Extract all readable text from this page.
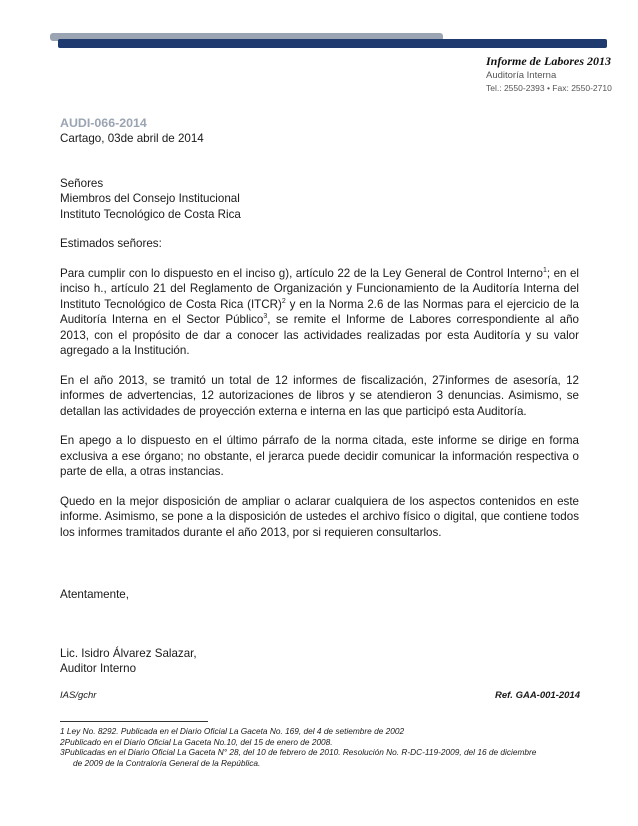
Informe de Labores 2013
Auditoría Interna
Tel.: 2550-2393 • Fax: 2550-2710
AUDI-066-2014

Cartago, 03de abril de 2014

Señores

Miembros del Consejo Institucional

Instituto Tecnológico de Costa Rica

Estimados señores:

Para cumplir con lo dispuesto en el inciso g), artículo 22 de la Ley General de Control Interno$^1$; en el inciso h., artículo 21 del Reglamento de Organización y Funcionamiento de la Auditoría Interna del Instituto Tecnológico de Costa Rica (ITCR)$^2$ y en la Norma 2.6 de las Normas para el ejercicio de la Auditoría Interna en el Sector Público$^3$, se remite el Informe de Labores correspondiente al año 2013, con el propósito de dar a conocer las actividades realizadas por esta Auditoría y su valor agregado a la Institución.

En el año 2013, se tramitó un total de 12 informes de fiscalización, 27informes de asesoría, 12 informes de advertencias, 12 autorizaciones de libros y se atendieron 3 denuncias. Asimismo, se detallan las actividades de proyección externa e interna en las que participó esta Auditoría.

En apego a lo dispuesto en el último párrafo de la norma citada, este informe se dirige en forma exclusiva a ese órgano; no obstante, el jerarca puede decidir comunicar la información respectiva o parte de ella, a otras instancias.

Quedo en la mejor disposición de ampliar o aclarar cualquiera de los aspectos contenidos en este informe. Asimismo, se pone a la disposición de ustedes el archivo físico o digital, que contiene todos los informes tramitados durante el año 2013, por si requieren consultarlos.

Atentamente,

Lic. Isidro Álvarez Salazar,

Auditor Interno

IAS/gchr	Ref. GAA-001-2014
1 Ley No. 8292. Publicada en el Diario Oficial La Gaceta No. 169, del 4 de setiembre de 2002
2Publicado en el Diario Oficial La Gaceta No.10, del 15 de enero de 2008.
3Publicadas en el Diario Oficial La Gaceta N° 28, del 10 de febrero de 2010. Resolución No. R-DC-119-2009, del 16 de diciembre
de 2009 de la Contraloría General de la República.
